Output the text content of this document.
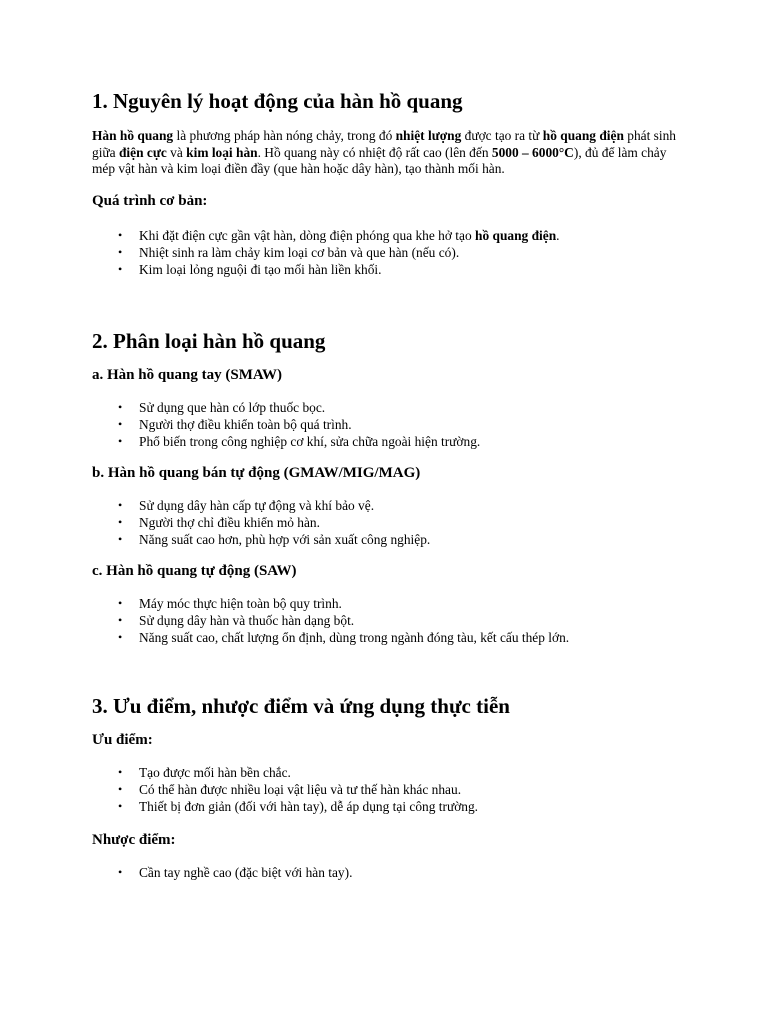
1. Nguyên lý hoạt động của hàn hồ quang

Hàn hồ quang là phương pháp hàn nóng chảy, trong đó nhiệt lượng được tạo ra từ hồ quang điện phát sinh giữa điện cực và kim loại hàn. Hồ quang này có nhiệt độ rất cao (lên đến 5000 – 6000°C), đủ để làm chảy mép vật hàn và kim loại điền đầy (que hàn hoặc dây hàn), tạo thành mối hàn.

Quá trình cơ bản:
• Khi đặt điện cực gần vật hàn, dòng điện phóng qua khe hở tạo hồ quang điện.
• Nhiệt sinh ra làm chảy kim loại cơ bản và que hàn (nếu có).
• Kim loại lỏng nguội đi tạo mối hàn liền khối.
2. Phân loại hàn hồ quang
a. Hàn hồ quang tay (SMAW)
• Sử dụng que hàn có lớp thuốc bọc.
• Người thợ điều khiển toàn bộ quá trình.
• Phổ biến trong công nghiệp cơ khí, sửa chữa ngoài hiện trường.
b. Hàn hồ quang bán tự động (GMAW/MIG/MAG)
• Sử dụng dây hàn cấp tự động và khí bảo vệ.
• Người thợ chỉ điều khiển mỏ hàn.
• Năng suất cao hơn, phù hợp với sản xuất công nghiệp.
c. Hàn hồ quang tự động (SAW)
• Máy móc thực hiện toàn bộ quy trình.
• Sử dụng dây hàn và thuốc hàn dạng bột.
• Năng suất cao, chất lượng ổn định, dùng trong ngành đóng tàu, kết cấu thép lớn.
3. Ưu điểm, nhược điểm và ứng dụng thực tiễn
Ưu điểm:
• Tạo được mối hàn bền chắc.
• Có thể hàn được nhiều loại vật liệu và tư thế hàn khác nhau.
• Thiết bị đơn giản (đối với hàn tay), dễ áp dụng tại công trường.
Nhược điểm:
• Cần tay nghề cao (đặc biệt với hàn tay).
